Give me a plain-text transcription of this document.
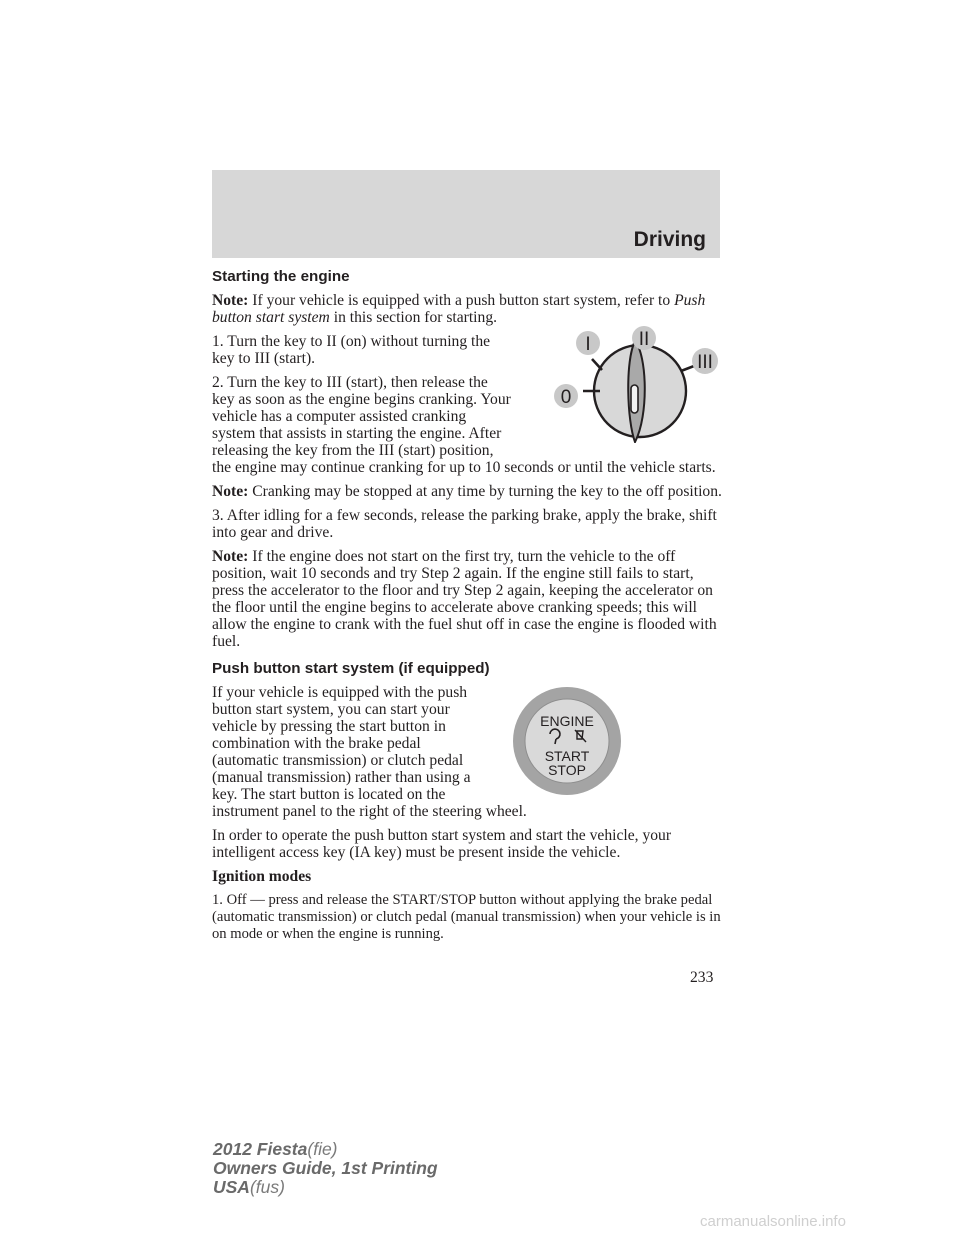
Driving
Starting the engine

Note: If your vehicle is equipped with a push button start system, refer to Push button start system in this section for starting.

0
I	II
III

1. Turn the key to II (on) without turning the key to III (start).

2. Turn the key to III (start), then release the key as soon as the engine begins cranking. Your vehicle has a computer assisted cranking system that assists in starting the engine. After releasing the key from the III (start) position, the engine may continue cranking for up to 10 seconds or until the vehicle starts.

Note: Cranking may be stopped at any time by turning the key to the off position.

3. After idling for a few seconds, release the parking brake, apply the brake, shift into gear and drive.

Note: If the engine does not start on the first try, turn the vehicle to the off position, wait 10 seconds and try Step 2 again. If the engine still fails to start, press the accelerator to the floor and try Step 2 again, keeping the accelerator on the floor until the engine begins to accelerate above cranking speeds; this will allow the engine to crank with the fuel shut off in case the engine is flooded with fuel.

Push button start system (if equipped)
ENGINE
START
STOP

If your vehicle is equipped with the push button start system, you can start your vehicle by pressing the start button in combination with the brake pedal (automatic transmission) or clutch pedal (manual transmission) rather than using a key. The start button is located on the instrument panel to the right of the steering wheel.

In order to operate the push button start system and start the vehicle, your intelligent access key (IA key) must be present inside the vehicle.

Ignition modes

1. Off — press and release the START/STOP button without applying the brake pedal (automatic transmission) or clutch pedal (manual transmission) when your vehicle is in on mode or when the engine is running.

233
2012 Fiesta(fie)
Owners Guide, 1st Printing
USA(fus)
carmanualsonline.info
